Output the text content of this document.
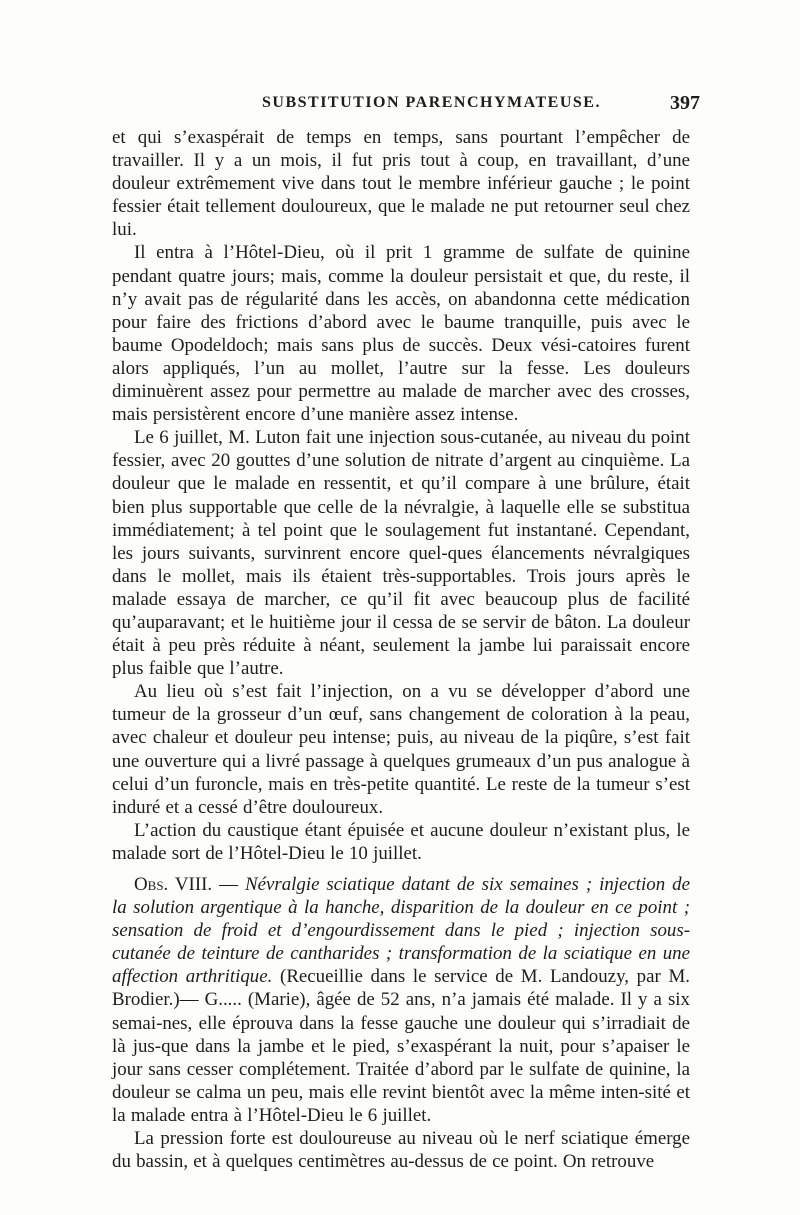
SUBSTITUTION PARENCHYMATEUSE.	397

et qui s’exaspérait de temps en temps, sans pourtant l’empêcher de travailler. Il y a un mois, il fut pris tout à coup, en travaillant, d’une douleur extrêmement vive dans tout le membre inférieur gauche ; le point fessier était tellement douloureux, que le malade ne put retourner seul chez lui.

Il entra à l’Hôtel-Dieu, où il prit 1 gramme de sulfate de quinine pendant quatre jours; mais, comme la douleur persistait et que, du reste, il n’y avait pas de régularité dans les accès, on abandonna cette médication pour faire des frictions d’abord avec le baume tranquille, puis avec le baume Opodeldoch; mais sans plus de succès. Deux vési-catoires furent alors appliqués, l’un au mollet, l’autre sur la fesse. Les douleurs diminuèrent assez pour permettre au malade de marcher avec des crosses, mais persistèrent encore d’une manière assez intense.

Le 6 juillet, M. Luton fait une injection sous-cutanée, au niveau du point fessier, avec 20 gouttes d’une solution de nitrate d’argent au cinquième. La douleur que le malade en ressentit, et qu’il compare à une brûlure, était bien plus supportable que celle de la névralgie, à laquelle elle se substitua immédiatement; à tel point que le soulagement fut instantané. Cependant, les jours suivants, survinrent encore quel-ques élancements névralgiques dans le mollet, mais ils étaient très-supportables. Trois jours après le malade essaya de marcher, ce qu’il fit avec beaucoup plus de facilité qu’auparavant; et le huitième jour il cessa de se servir de bâton. La douleur était à peu près réduite à néant, seulement la jambe lui paraissait encore plus faible que l’autre.

Au lieu où s’est fait l’injection, on a vu se développer d’abord une tumeur de la grosseur d’un œuf, sans changement de coloration à la peau, avec chaleur et douleur peu intense; puis, au niveau de la piqûre, s’est fait une ouverture qui a livré passage à quelques grumeaux d’un pus analogue à celui d’un furoncle, mais en très-petite quantité. Le reste de la tumeur s’est induré et a cessé d’être douloureux.

L’action du caustique étant épuisée et aucune douleur n’existant plus, le malade sort de l’Hôtel-Dieu le 10 juillet.

Obs. VIII. — Névralgie sciatique datant de six semaines ; injection de la solution argentique à la hanche, disparition de la douleur en ce point ; sensation de froid et d’engourdissement dans le pied ; injection sous-cutanée de teinture de cantharides ; transformation de la sciatique en une affection arthritique. (Recueillie dans le service de M. Landouzy, par M. Brodier.)— G..... (Marie), âgée de 52 ans, n’a jamais été malade. Il y a six semai-nes, elle éprouva dans la fesse gauche une douleur qui s’irradiait de là jus-que dans la jambe et le pied, s’exaspérant la nuit, pour s’apaiser le jour sans cesser complétement. Traitée d’abord par le sulfate de quinine, la douleur se calma un peu, mais elle revint bientôt avec la même inten-sité et la malade entra à l’Hôtel-Dieu le 6 juillet.

La pression forte est douloureuse au niveau où le nerf sciatique émerge du bassin, et à quelques centimètres au-dessus de ce point. On retrouve
